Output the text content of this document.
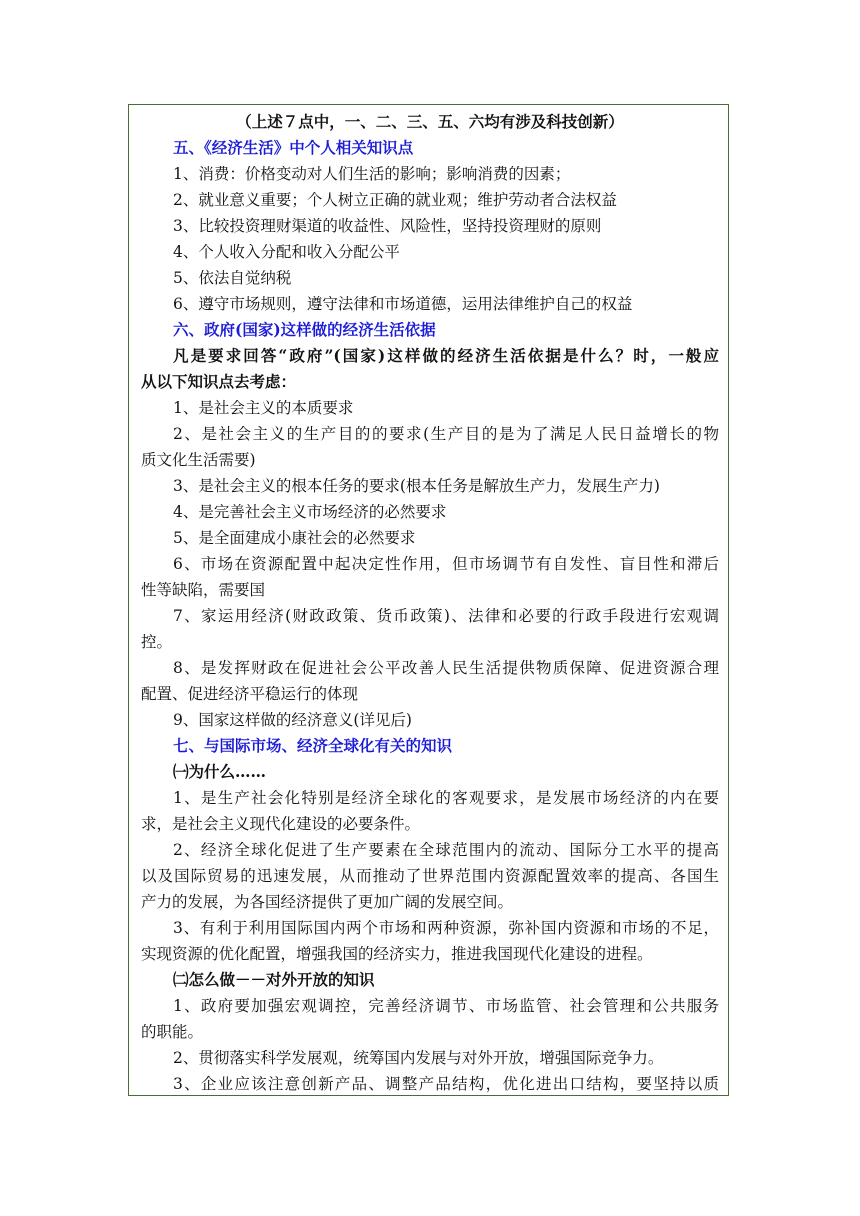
（上述７点中，一、二、三、五、六均有涉及科技创新）
五、《经济生活》中个人相关知识点
1、消费：价格变动对人们生活的影响；影响消费的因素；
2、就业意义重要；个人树立正确的就业观；维护劳动者合法权益
3、比较投资理财渠道的收益性、风险性，坚持投资理财的原则
4、个人收入分配和收入分配公平
5、依法自觉纳税
6、遵守市场规则，遵守法律和市场道德，运用法律维护自己的权益
六、政府(国家)这样做的经济生活依据
凡是要求回答“政府”(国家)这样做的经济生活依据是什么？时，一般应
从以下知识点去考虑：
1、是社会主义的本质要求
2、是社会主义的生产目的的要求(生产目的是为了满足人民日益增长的物
质文化生活需要)
3、是社会主义的根本任务的要求(根本任务是解放生产力，发展生产力)
4、是完善社会主义市场经济的必然要求
5、是全面建成小康社会的必然要求
6、市场在资源配置中起决定性作用，但市场调节有自发性、盲目性和滞后
性等缺陷，需要国
7、家运用经济(财政政策、货币政策)、法律和必要的行政手段进行宏观调
控。
8、是发挥财政在促进社会公平改善人民生活提供物质保障、促进资源合理
配置、促进经济平稳运行的体现
9、国家这样做的经济意义(详见后)
七、与国际市场、经济全球化有关的知识
㈠为什么……
1、是生产社会化特别是经济全球化的客观要求，是发展市场经济的内在要
求，是社会主义现代化建设的必要条件。
2、经济全球化促进了生产要素在全球范围内的流动、国际分工水平的提高
以及国际贸易的迅速发展，从而推动了世界范围内资源配置效率的提高、各国生
产力的发展，为各国经济提供了更加广阔的发展空间。
3、有利于利用国际国内两个市场和两种资源，弥补国内资源和市场的不足，
实现资源的优化配置，增强我国的经济实力，推进我国现代化建设的进程。
㈡怎么做－－对外开放的知识
1、政府要加强宏观调控，完善经济调节、市场监管、社会管理和公共服务
的职能。
2、贯彻落实科学发展观，统筹国内发展与对外开放，增强国际竞争力。
3、企业应该注意创新产品、调整产品结构，优化进出口结构，要坚持以质
